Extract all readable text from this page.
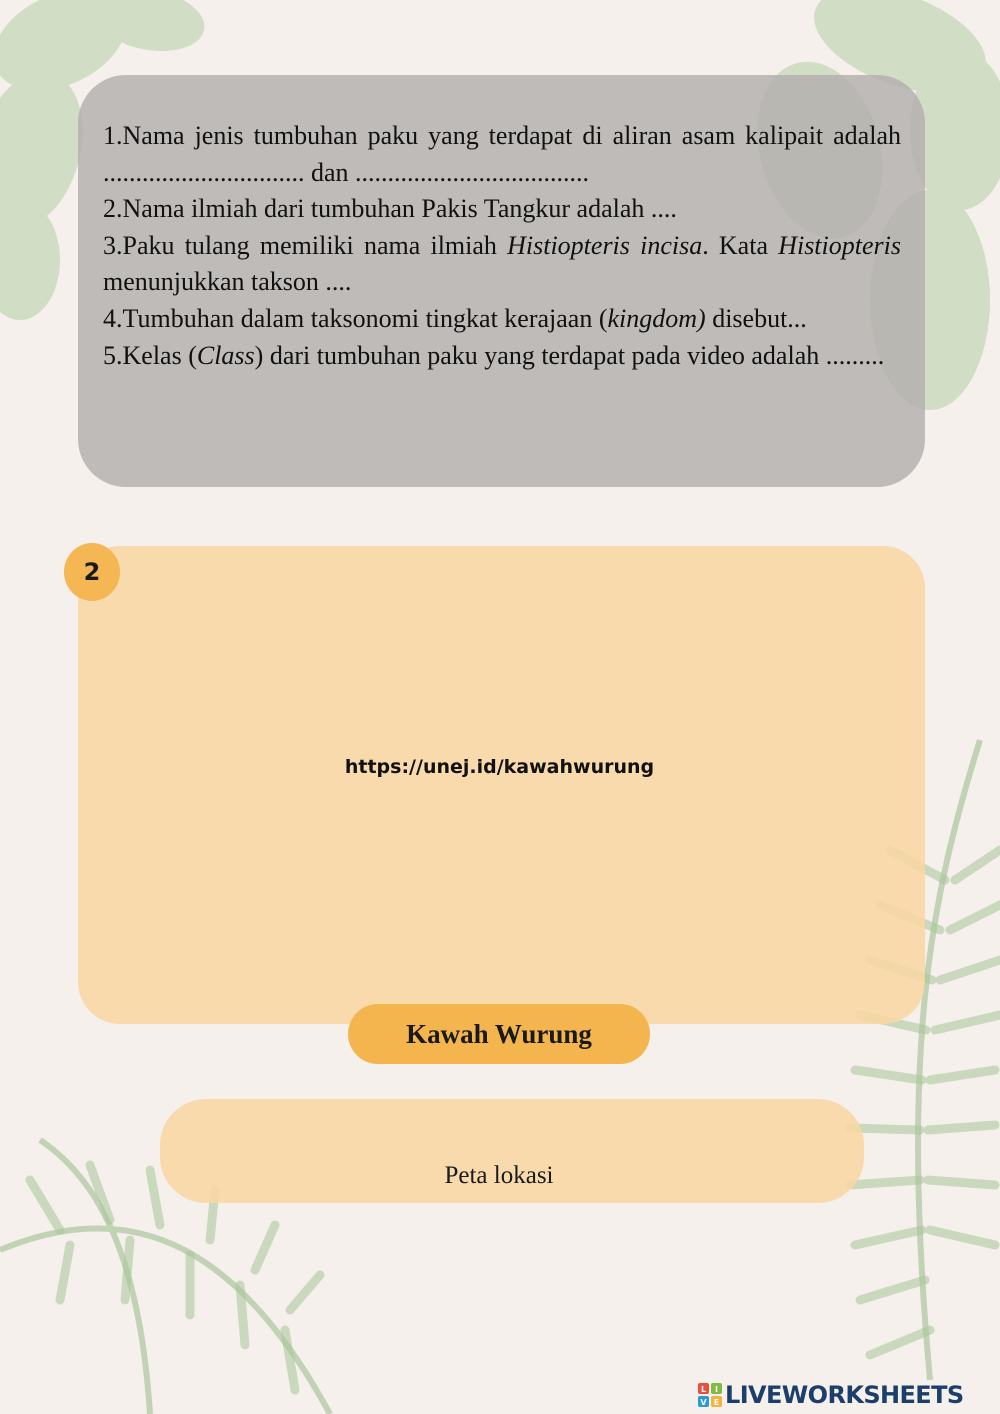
1.Nama jenis tumbuhan paku yang terdapat di aliran asam kalipait adalah ............................... dan ....................................

2.Nama ilmiah dari tumbuhan Pakis Tangkur adalah ....

3.Paku tulang memiliki nama ilmiah Histiopteris incisa. Kata Histiopteris menunjukkan takson ....

4.Tumbuhan dalam taksonomi tingkat kerajaan (kingdom) disebut...

5.Kelas (Class) dari tumbuhan paku yang terdapat pada video adalah .........

2
https://unej.id/kawahwurung
Kawah Wurung
Peta lokasi
L I
V E LIVEWORKSHEETS
